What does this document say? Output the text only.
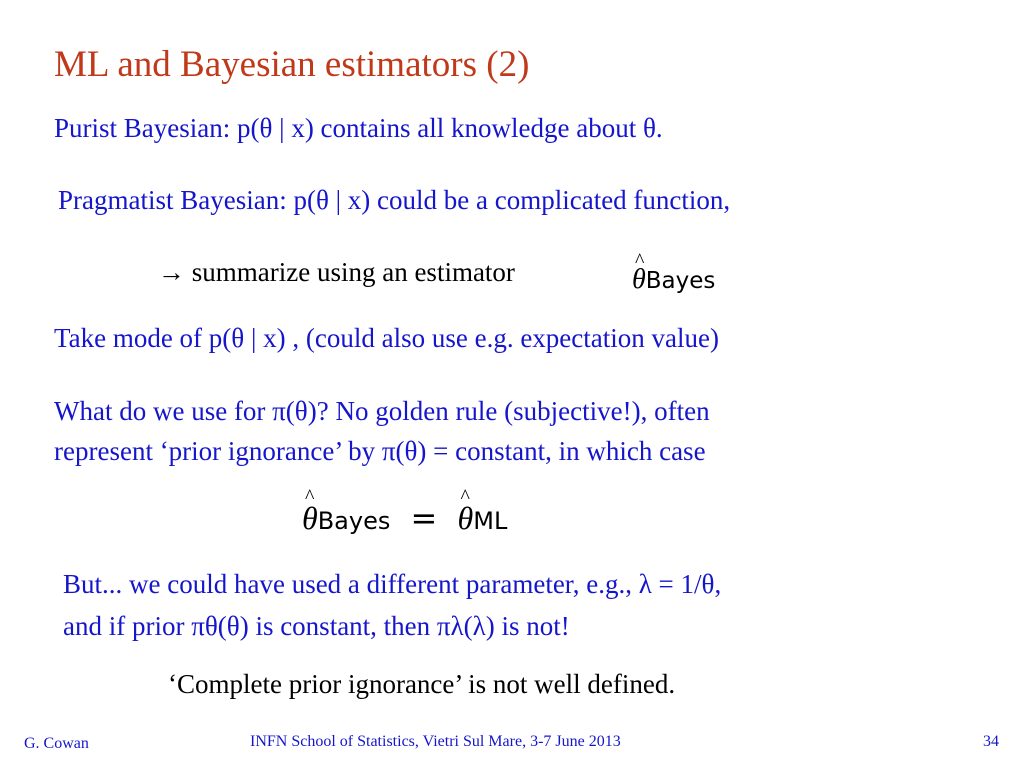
ML and Bayesian estimators (2)
Purist Bayesian: p(θ | x) contains all knowledge about θ.
Pragmatist Bayesian: p(θ | x) could be a complicated function,
→ summarize using an estimator	^ θBayes
Take mode of p(θ | x) , (could also use e.g. expectation value)
What do we use for π(θ)? No golden rule (subjective!), often
represent ‘prior ignorance’ by π(θ) = constant, in which case
^ θBayes = ^ θML
But... we could have used a different parameter, e.g., λ = 1/θ,
and if prior πθ(θ) is constant, then πλ(λ) is not!
‘Complete prior ignorance’ is not well defined.
G. Cowan	INFN School of Statistics, Vietri Sul Mare, 3-7 June 2013	34
